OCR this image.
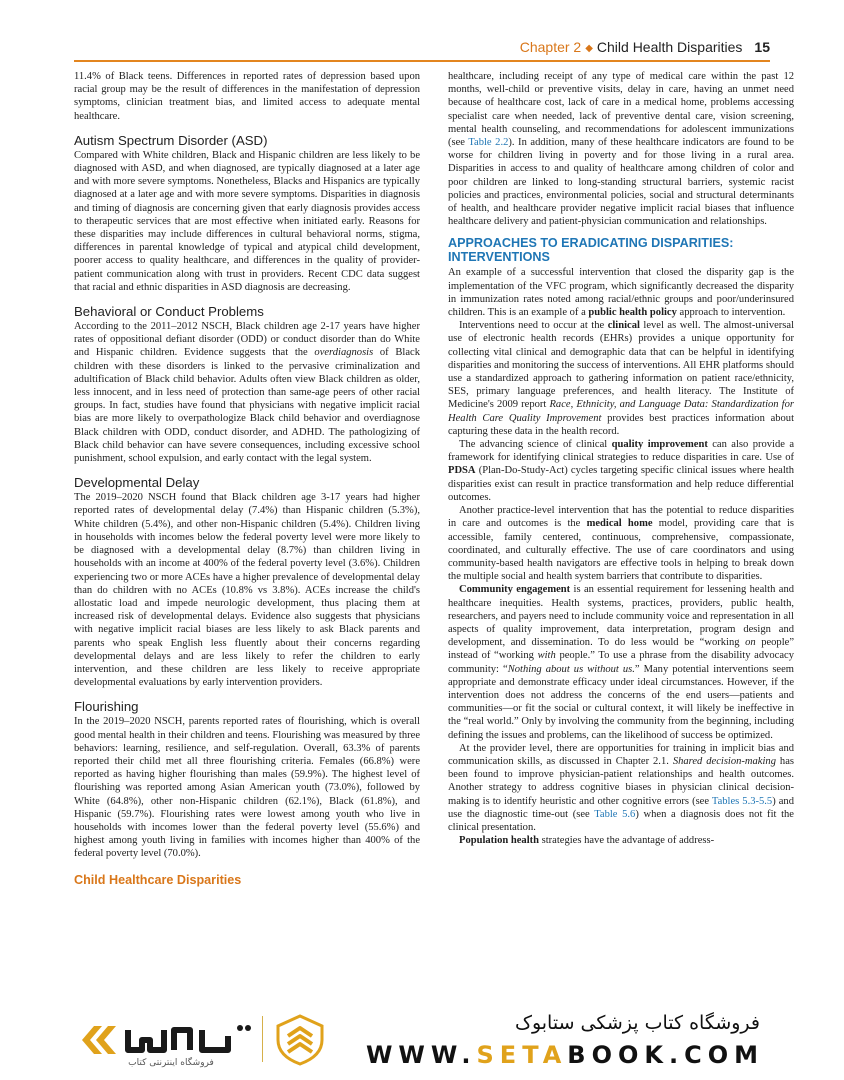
Chapter 2 ◆ Child Health Disparities 15

11.4% of Black teens. Differences in reported rates of depression based upon racial group may be the result of differences in the manifestation of depression symptoms, clinician treatment bias, and limited access to adequate mental healthcare.

Autism Spectrum Disorder (ASD)

Compared with White children, Black and Hispanic children are less likely to be diagnosed with ASD, and when diagnosed, are typically diagnosed at a later age and with more severe symptoms. Nonetheless, Blacks and Hispanics are typically diagnosed at a later age and with more severe symptoms. Disparities in diagnosis and timing of diagnosis are concerning given that early diagnosis provides access to therapeutic services that are most effective when initiated early. Reasons for these disparities may include differences in cultural behavioral norms, stigma, differences in parental knowledge of typical and atypical child development, poorer access to quality healthcare, and differences in the quality of provider-patient communication along with trust in providers. Recent CDC data suggest that racial and ethnic disparities in ASD diagnosis are decreasing.

Behavioral or Conduct Problems

According to the 2011–2012 NSCH, Black children age 2-17 years have higher rates of oppositional defiant disorder (ODD) or conduct disorder than do White and Hispanic children. Evidence suggests that the overdiagnosis of Black children with these disorders is linked to the pervasive criminalization and adultification of Black child behavior. Adults often view Black children as older, less innocent, and in less need of protection than same-age peers of other racial groups. In fact, studies have found that physicians with negative implicit racial bias are more likely to overpathologize Black child behavior and overdiagnose Black children with ODD, conduct disorder, and ADHD. The pathologizing of Black child behavior can have severe consequences, including excessive school punishment, school expulsion, and early contact with the legal system.

Developmental Delay

The 2019–2020 NSCH found that Black children age 3-17 years had higher reported rates of developmental delay (7.4%) than Hispanic children (5.3%), White children (5.4%), and other non-Hispanic children (5.4%). Children living in households with incomes below the federal poverty level were more likely to be diagnosed with a developmental delay (8.7%) than children living in households with an income at 400% of the federal poverty level (3.6%). Children experiencing two or more ACEs have a higher prevalence of developmental delay than do children with no ACEs (10.8% vs 3.8%). ACEs increase the child's allostatic load and impede neurologic development, thus placing them at increased risk of developmental delays. Evidence also suggests that physicians with negative implicit racial biases are less likely to ask Black parents and parents who speak English less fluently about their concerns regarding developmental delays and are less likely to refer the children to early intervention, and these children are less likely to receive appropriate developmental evaluations by early intervention providers.

Flourishing

In the 2019–2020 NSCH, parents reported rates of flourishing, which is overall good mental health in their children and teens. Flourishing was measured by three behaviors: learning, resilience, and self-regulation. Overall, 63.3% of parents reported their child met all three flourishing criteria. Females (66.8%) were reported as having higher flourishing than males (59.9%). The highest level of flourishing was reported among Asian American youth (73.0%), followed by White (64.8%), other non-Hispanic children (62.1%), Black (61.8%), and Hispanic (59.7%). Flourishing rates were lowest among youth who live in households with incomes lower than the federal poverty level (55.6%) and highest among youth living in families with incomes higher than 400% of the federal poverty level (70.0%).

Child Healthcare Disparities

healthcare, including receipt of any type of medical care within the past 12 months, well-child or preventive visits, delay in care, having an unmet need because of healthcare cost, lack of care in a medical home, problems accessing specialist care when needed, lack of preventive dental care, vision screening, mental health counseling, and recommendations for adolescent immunizations (see Table 2.2). In addition, many of these healthcare indicators are found to be worse for children living in poverty and for those living in a rural area. Disparities in access to and quality of healthcare among children of color and poor children are linked to long-standing structural barriers, systemic racist policies and practices, environmental policies, social and structural determinants of health, and healthcare provider negative implicit racial biases that influence healthcare delivery and patient-physician communication and relationships.

APPROACHES TO ERADICATING DISPARITIES: INTERVENTIONS

An example of a successful intervention that closed the disparity gap is the implementation of the VFC program, which significantly decreased the disparity in immunization rates noted among racial/ethnic groups and poor/underinsured children. This is an example of a public health policy approach to intervention.

Interventions need to occur at the clinical level as well. The almost-universal use of electronic health records (EHRs) provides a unique opportunity for collecting vital clinical and demographic data that can be helpful in identifying disparities and monitoring the success of interventions. All EHR platforms should use a standardized approach to gathering information on patient race/ethnicity, SES, primary language preferences, and health literacy. The Institute of Medicine's 2009 report Race, Ethnicity, and Language Data: Standardization for Health Care Quality Improvement provides best practices information about capturing these data in the health record.

The advancing science of clinical quality improvement can also provide a framework for identifying clinical strategies to reduce disparities in care. Use of PDSA (Plan-Do-Study-Act) cycles targeting specific clinical issues where health disparities exist can result in practice transformation and help reduce differential outcomes.

Another practice-level intervention that has the potential to reduce disparities in care and outcomes is the medical home model, providing care that is accessible, family centered, continuous, comprehensive, compassionate, coordinated, and culturally effective. The use of care coordinators and using community-based health navigators are effective tools in helping to break down the multiple social and health system barriers that contribute to disparities.

Community engagement is an essential requirement for lessening health and healthcare inequities. Health systems, practices, providers, public health, researchers, and payers need to include community voice and representation in all aspects of quality improvement, data interpretation, program design and development, and dissemination. To do less would be “working on people” instead of “working with people.” To use a phrase from the disability advocacy community: “Nothing about us without us.” Many potential interventions seem appropriate and demonstrate efficacy under ideal circumstances. However, if the intervention does not address the concerns of the end users—patients and communities—or fit the social or cultural context, it will likely be ineffective in the “real world.” Only by involving the community from the beginning, including defining the issues and problems, can the likelihood of success be optimized.

At the provider level, there are opportunities for training in implicit bias and communication skills, as discussed in Chapter 2.1. Shared decision-making has been found to improve physician-patient relationships and health outcomes. Another strategy to address cognitive biases in physician clinical decision-making is to identify heuristic and other cognitive errors (see Tables 5.3-5.5) and use the diagnostic time-out (see Table 5.6) when a diagnosis does not fit the clinical presentation.

Population health strategies have the advantage of address-

فروشگاه اینترنتی کتاب
فروشگاه کتاب پزشکی ستابوک
WWW.SETABOOK.COM
